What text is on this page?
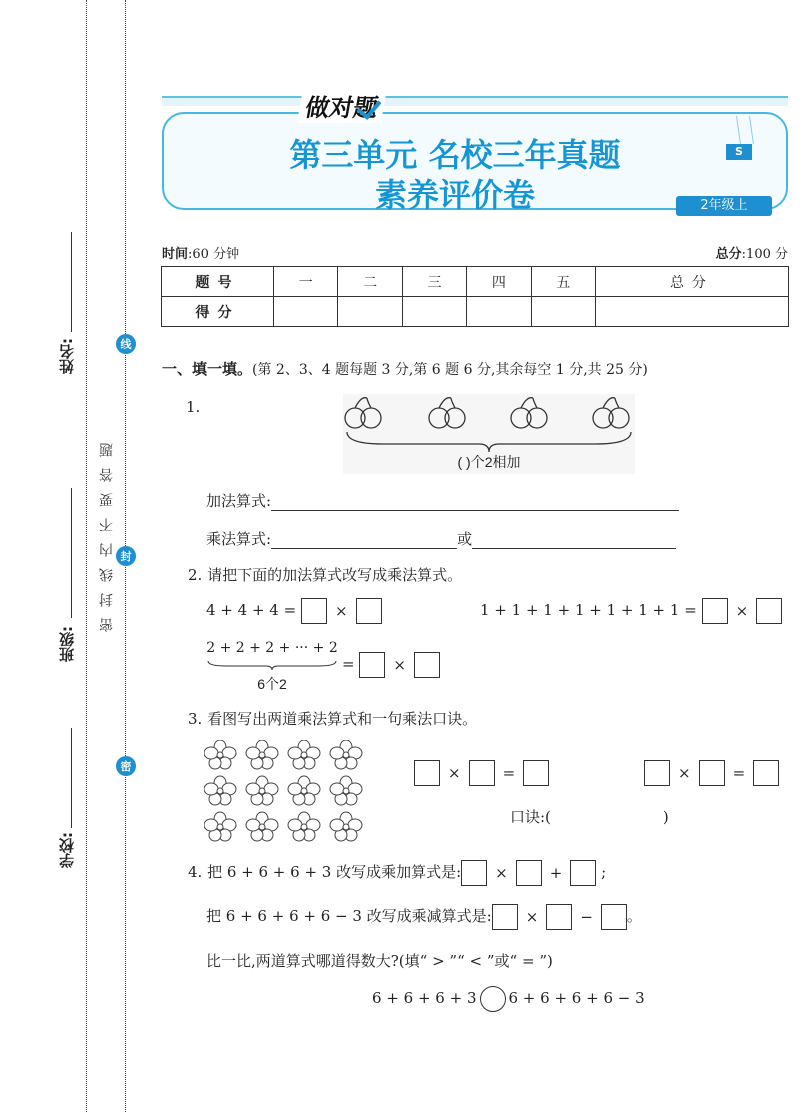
姓名:
班级:
学校:
线
封
密
密封线内不要答题
做对题
第三单元 名校三年真题
素养评价卷
S
2年级上
时间:60 分钟	总分:100 分
题号	一	二	三	四	五	总分
得分						
一、填一填。(第 2、3、4 题每题 3 分,第 6 题 6 分,其余每空 1 分,共 25 分)
1.
( )个2相加
加法算式:
乘法算式:	或
2. 请把下面的加法算式改写成乘法算式。
4 + 4 + 4 =	×	1 + 1 + 1 + 1 + 1 + 1 + 1 =	×
2 + 2 + 2 + ··· + 2
6个2
=	×
3. 看图写出两道乘法算式和一句乘法口诀。
×	=	×	=
口诀:(	)
4. 把 6 + 6 + 6 + 3 改写成乘加算式是: ×	+	;
把 6 + 6 + 6 + 6 − 3 改写成乘减算式是: ×	− 。
比一比,两道算式哪道得数大?(填“ > ”“ < ”或“ = ”)
6 + 6 + 6 + 3 6 + 6 + 6 + 6 − 3
